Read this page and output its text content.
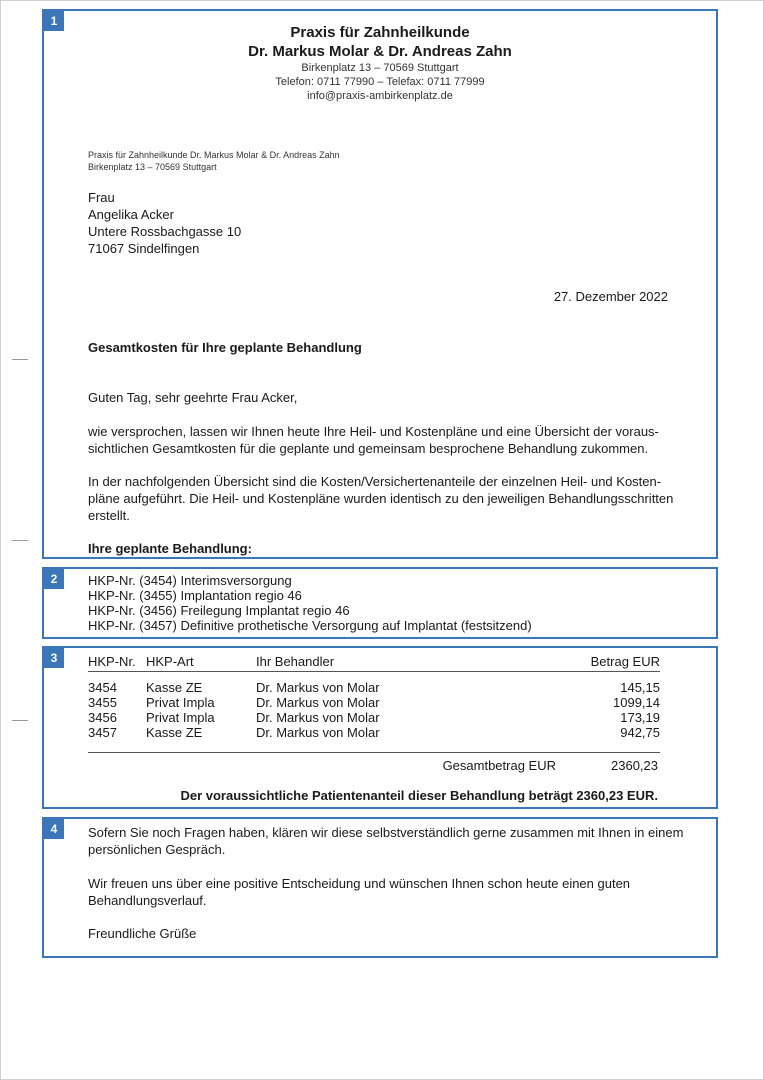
1
Praxis für Zahnheilkunde
Dr. Markus Molar & Dr. Andreas Zahn
Birkenplatz 13 – 70569 Stuttgart
Telefon: 0711 77990 – Telefax: 0711 77999
info@praxis-ambirkenplatz.de
Praxis für Zahnheilkunde Dr. Markus Molar & Dr. Andreas Zahn
Birkenplatz 13 – 70569 Stuttgart
Frau
Angelika Acker
Untere Rossbachgasse 10
71067 Sindelfingen
27. Dezember 2022
Gesamtkosten für Ihre geplante Behandlung
Guten Tag, sehr geehrte Frau Acker,
wie versprochen, lassen wir Ihnen heute Ihre Heil- und Kostenpläne und eine Übersicht der voraus-sichtlichen Gesamtkosten für die geplante und gemeinsam besprochene Behandlung zukommen.
In der nachfolgenden Übersicht sind die Kosten/Versichertenanteile der einzelnen Heil- und Kosten-pläne aufgeführt. Die Heil- und Kostenpläne wurden identisch zu den jeweiligen Behandlungsschritten erstellt.
Ihre geplante Behandlung:
2	HKP-Nr. (3454) Interimsversorgung
HKP-Nr. (3455) Implantation regio 46
HKP-Nr. (3456) Freilegung Implantat regio 46
HKP-Nr. (3457) Definitive prothetische Versorgung auf Implantat (festsitzend)
3	HKP-Nr. HKP-Art	Ihr Behandler	Betrag EUR
3454 Kasse ZE	Dr. Markus von Molar	145,15
3455 Privat Impla	Dr. Markus von Molar	1099,14
3456 Privat Impla	Dr. Markus von Molar	173,19
3457 Kasse ZE	Dr. Markus von Molar	942,75
Gesamtbetrag EUR	2360,23
Der voraussichtliche Patientenanteil dieser Behandlung beträgt 2360,23 EUR.
4	Sofern Sie noch Fragen haben, klären wir diese selbstverständlich gerne zusammen mit Ihnen in einem persönlichen Gespräch.
Wir freuen uns über eine positive Entscheidung und wünschen Ihnen schon heute einen guten Behandlungsverlauf.
Freundliche Grüße
